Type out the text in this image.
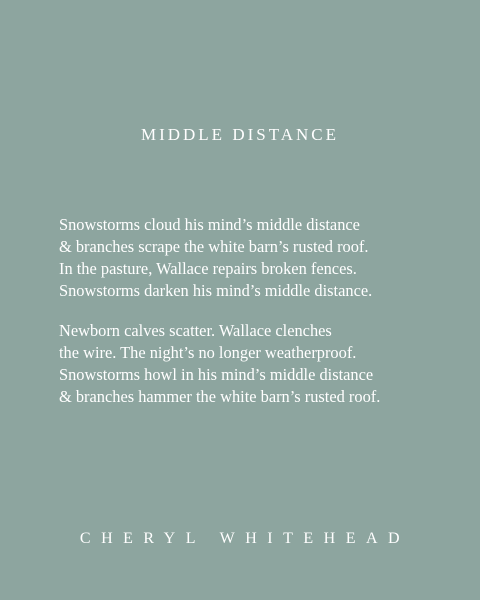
MIDDLE DISTANCE
Snowstorms cloud his mind’s middle distance
& branches scrape the white barn’s rusted roof.
In the pasture, Wallace repairs broken fences.
Snowstorms darken his mind’s middle distance.
Newborn calves scatter. Wallace clenches
the wire. The night’s no longer weatherproof.
Snowstorms howl in his mind’s middle distance
& branches hammer the white barn’s rusted roof.

CHERYL WHITEHEAD
